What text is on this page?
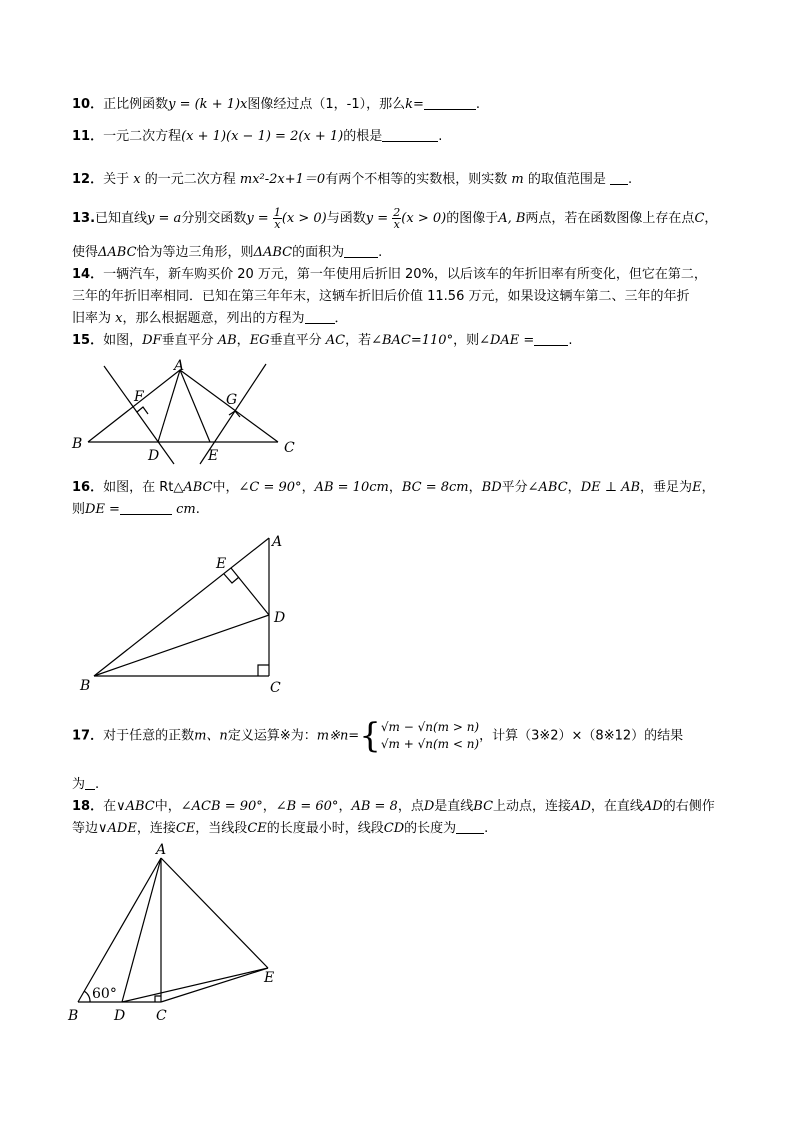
10．正比例函数y = (k + 1)x图像经过点（1，-1），那么k=	.
11．一元二次方程(x + 1)(x − 1) = 2(x + 1)的根是	.
12．关于 x 的一元二次方程 mx²-2x+1＝0有两个不相等的实数根，则实数 m 的取值范围是 .
13.已知直线y = a分别交函数$y = \frac{1}{x} (x > 0)$与函数$y = \frac{2}{x} (x > 0)$的图像于A, B两点，若在函数图像上存在点C，
使得ΔABC恰为等边三角形，则ΔABC的面积为	.
14．一辆汽车，新车购买价 20 万元，第一年使用后折旧 20%，以后该车的年折旧率有所变化，但它在第二，
三年的年折旧率相同．已知在第三年年末，这辆车折旧后价值 11.56 万元，如果设这辆车第二、三年的年折
旧率为 x，那么根据题意，列出的方程为 ．
15．如图，DF垂直平分 AB，EG垂直平分 AC，若∠BAC=110°，则∠DAE =	.
A
B	C
D	E
F	G
16．如图，在 Rt△ABC中，∠C = 90°，AB = 10cm，BC = 8cm，BD平分∠ABC，DE ⊥ AB，垂足为E，
则DE =	cm.
A
B	C
D
E
17．对于任意的正数m、n定义运算※为：m※n={ √m − √n(m > n)
√m + √n(m < n)
，计算（3※2）×（8※12）的结果
为 .
18．在∨ABC中，∠ACB = 90°，∠B = 60°，AB = 8，点D是直线BC上动点，连接AD，在直线AD的右侧作
等边∨ADE，连接CE，当线段CE的长度最小时，线段CD的长度为 .
A
B	C
D
E
60°
